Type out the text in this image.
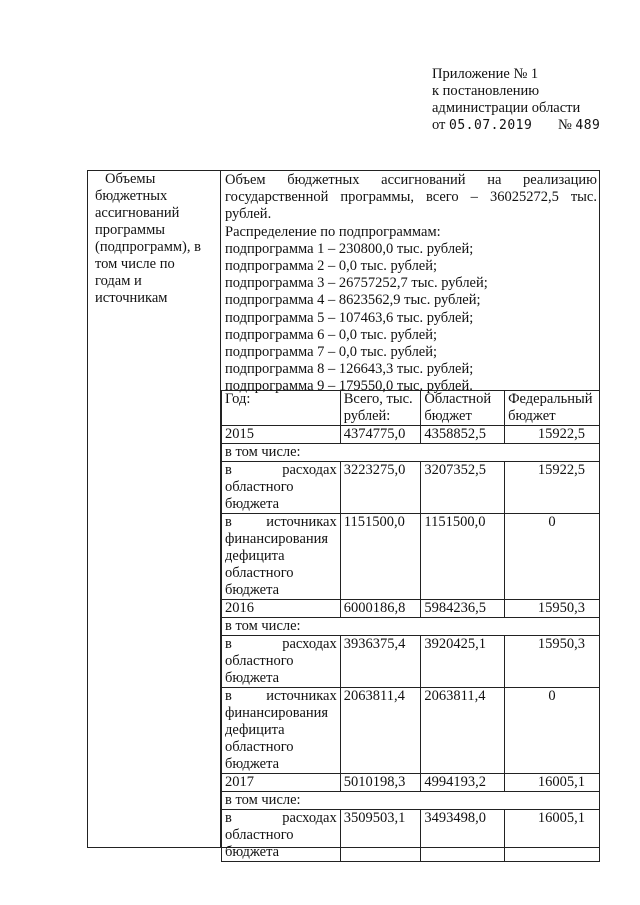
Приложение № 1
к постановлению
администрации области
от 05.07.2019 № 489
Объемы
бюджетных
ассигнований
программы
(подпрограмм), в
том числе по
годам и
источникам
Объем бюджетных ассигнований на реализацию
государственной программы, всего – 36025272,5 тыс.
рублей.
Распределение по подпрограммам:
подпрограмма 1 – 230800,0 тыс. рублей;
подпрограмма 2 – 0,0 тыс. рублей;
подпрограмма 3 – 26757252,7 тыс. рублей;
подпрограмма 4 – 8623562,9 тыс. рублей;
подпрограмма 5 – 107463,6 тыс. рублей;
подпрограмма 6 – 0,0 тыс. рублей;
подпрограмма 7 – 0,0 тыс. рублей;
подпрограмма 8 – 126643,3 тыс. рублей;
подпрограмма 9 – 179550,0 тыс. рублей.
Год:	Всего, тыс. рублей:	Областной бюджет	Федеральный бюджет
2015	4374775,0	4358852,5	15922,5
в том числе:			

в расходах
областного бюджета	3223275,0	3207352,5	15922,5

в источниках
финансирования дефицита областного бюджета	1151500,0	1151500,0	0
2016	6000186,8	5984236,5	15950,3
в том числе:			

в расходах
областного бюджета	3936375,4	3920425,1	15950,3

в источниках
финансирования дефицита областного бюджета	2063811,4	2063811,4	0
2017	5010198,3	4994193,2	16005,1
в том числе:			

в расходах
областного бюджета	3509503,1	3493498,0	16005,1
